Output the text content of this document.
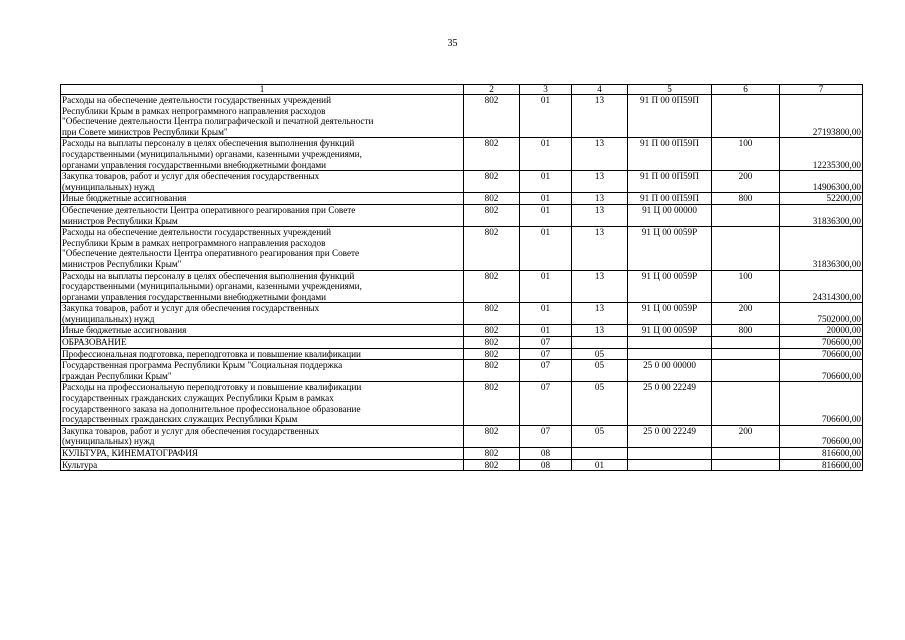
35
1	2	3	4	5	6	7
Расходы на обеспечение деятельности государственных учреждений
Республики Крым в рамках непрограммного направления расходов
"Обеспечение деятельности Центра полиграфической и печатной деятельности
при Совете министров Республики Крым"	802	01	13	91 П 00 0П59П		27193800,00
Расходы на выплаты персоналу в целях обеспечения выполнения функций
государственными (муниципальными) органами, казенными учреждениями,
органами управления государственными внебюджетными фондами	802	01	13	91 П 00 0П59П	100	12235300,00
Закупка товаров, работ и услуг для обеспечения государственных
(муниципальных) нужд	802	01	13	91 П 00 0П59П	200	14906300,00
Иные бюджетные ассигнования	802	01	13	91 П 00 0П59П	800	52200,00
Обеспечение деятельности Центра оперативного реагирования при Совете
министров Республики Крым	802	01	13	91 Ц 00 00000		31836300,00
Расходы на обеспечение деятельности государственных учреждений
Республики Крым в рамках непрограммного направления расходов
"Обеспечение деятельности Центра оперативного реагирования при Совете
министров Республики Крым"	802	01	13	91 Ц 00 0059Р		31836300,00
Расходы на выплаты персоналу в целях обеспечения выполнения функций
государственными (муниципальными) органами, казенными учреждениями,
органами управления государственными внебюджетными фондами	802	01	13	91 Ц 00 0059Р	100	24314300,00
Закупка товаров, работ и услуг для обеспечения государственных
(муниципальных) нужд	802	01	13	91 Ц 00 0059Р	200	7502000,00
Иные бюджетные ассигнования	802	01	13	91 Ц 00 0059Р	800	20000,00
ОБРАЗОВАНИЕ	802	07				706600,00
Профессиональная подготовка, переподготовка и повышение квалификации	802	07	05			706600,00
Государственная программа Республики Крым "Социальная поддержка
граждан Республики Крым"	802	07	05	25 0 00 00000		706600,00
Расходы на профессиональную переподготовку и повышение квалификации
государственных гражданских служащих Республики Крым в рамках
государственного заказа на дополнительное профессиональное образование
государственных гражданских служащих Республики Крым	802	07	05	25 0 00 22249		706600,00
Закупка товаров, работ и услуг для обеспечения государственных
(муниципальных) нужд	802	07	05	25 0 00 22249	200	706600,00
КУЛЬТУРА, КИНЕМАТОГРАФИЯ	802	08				816600,00
Культура	802	08	01			816600,00
